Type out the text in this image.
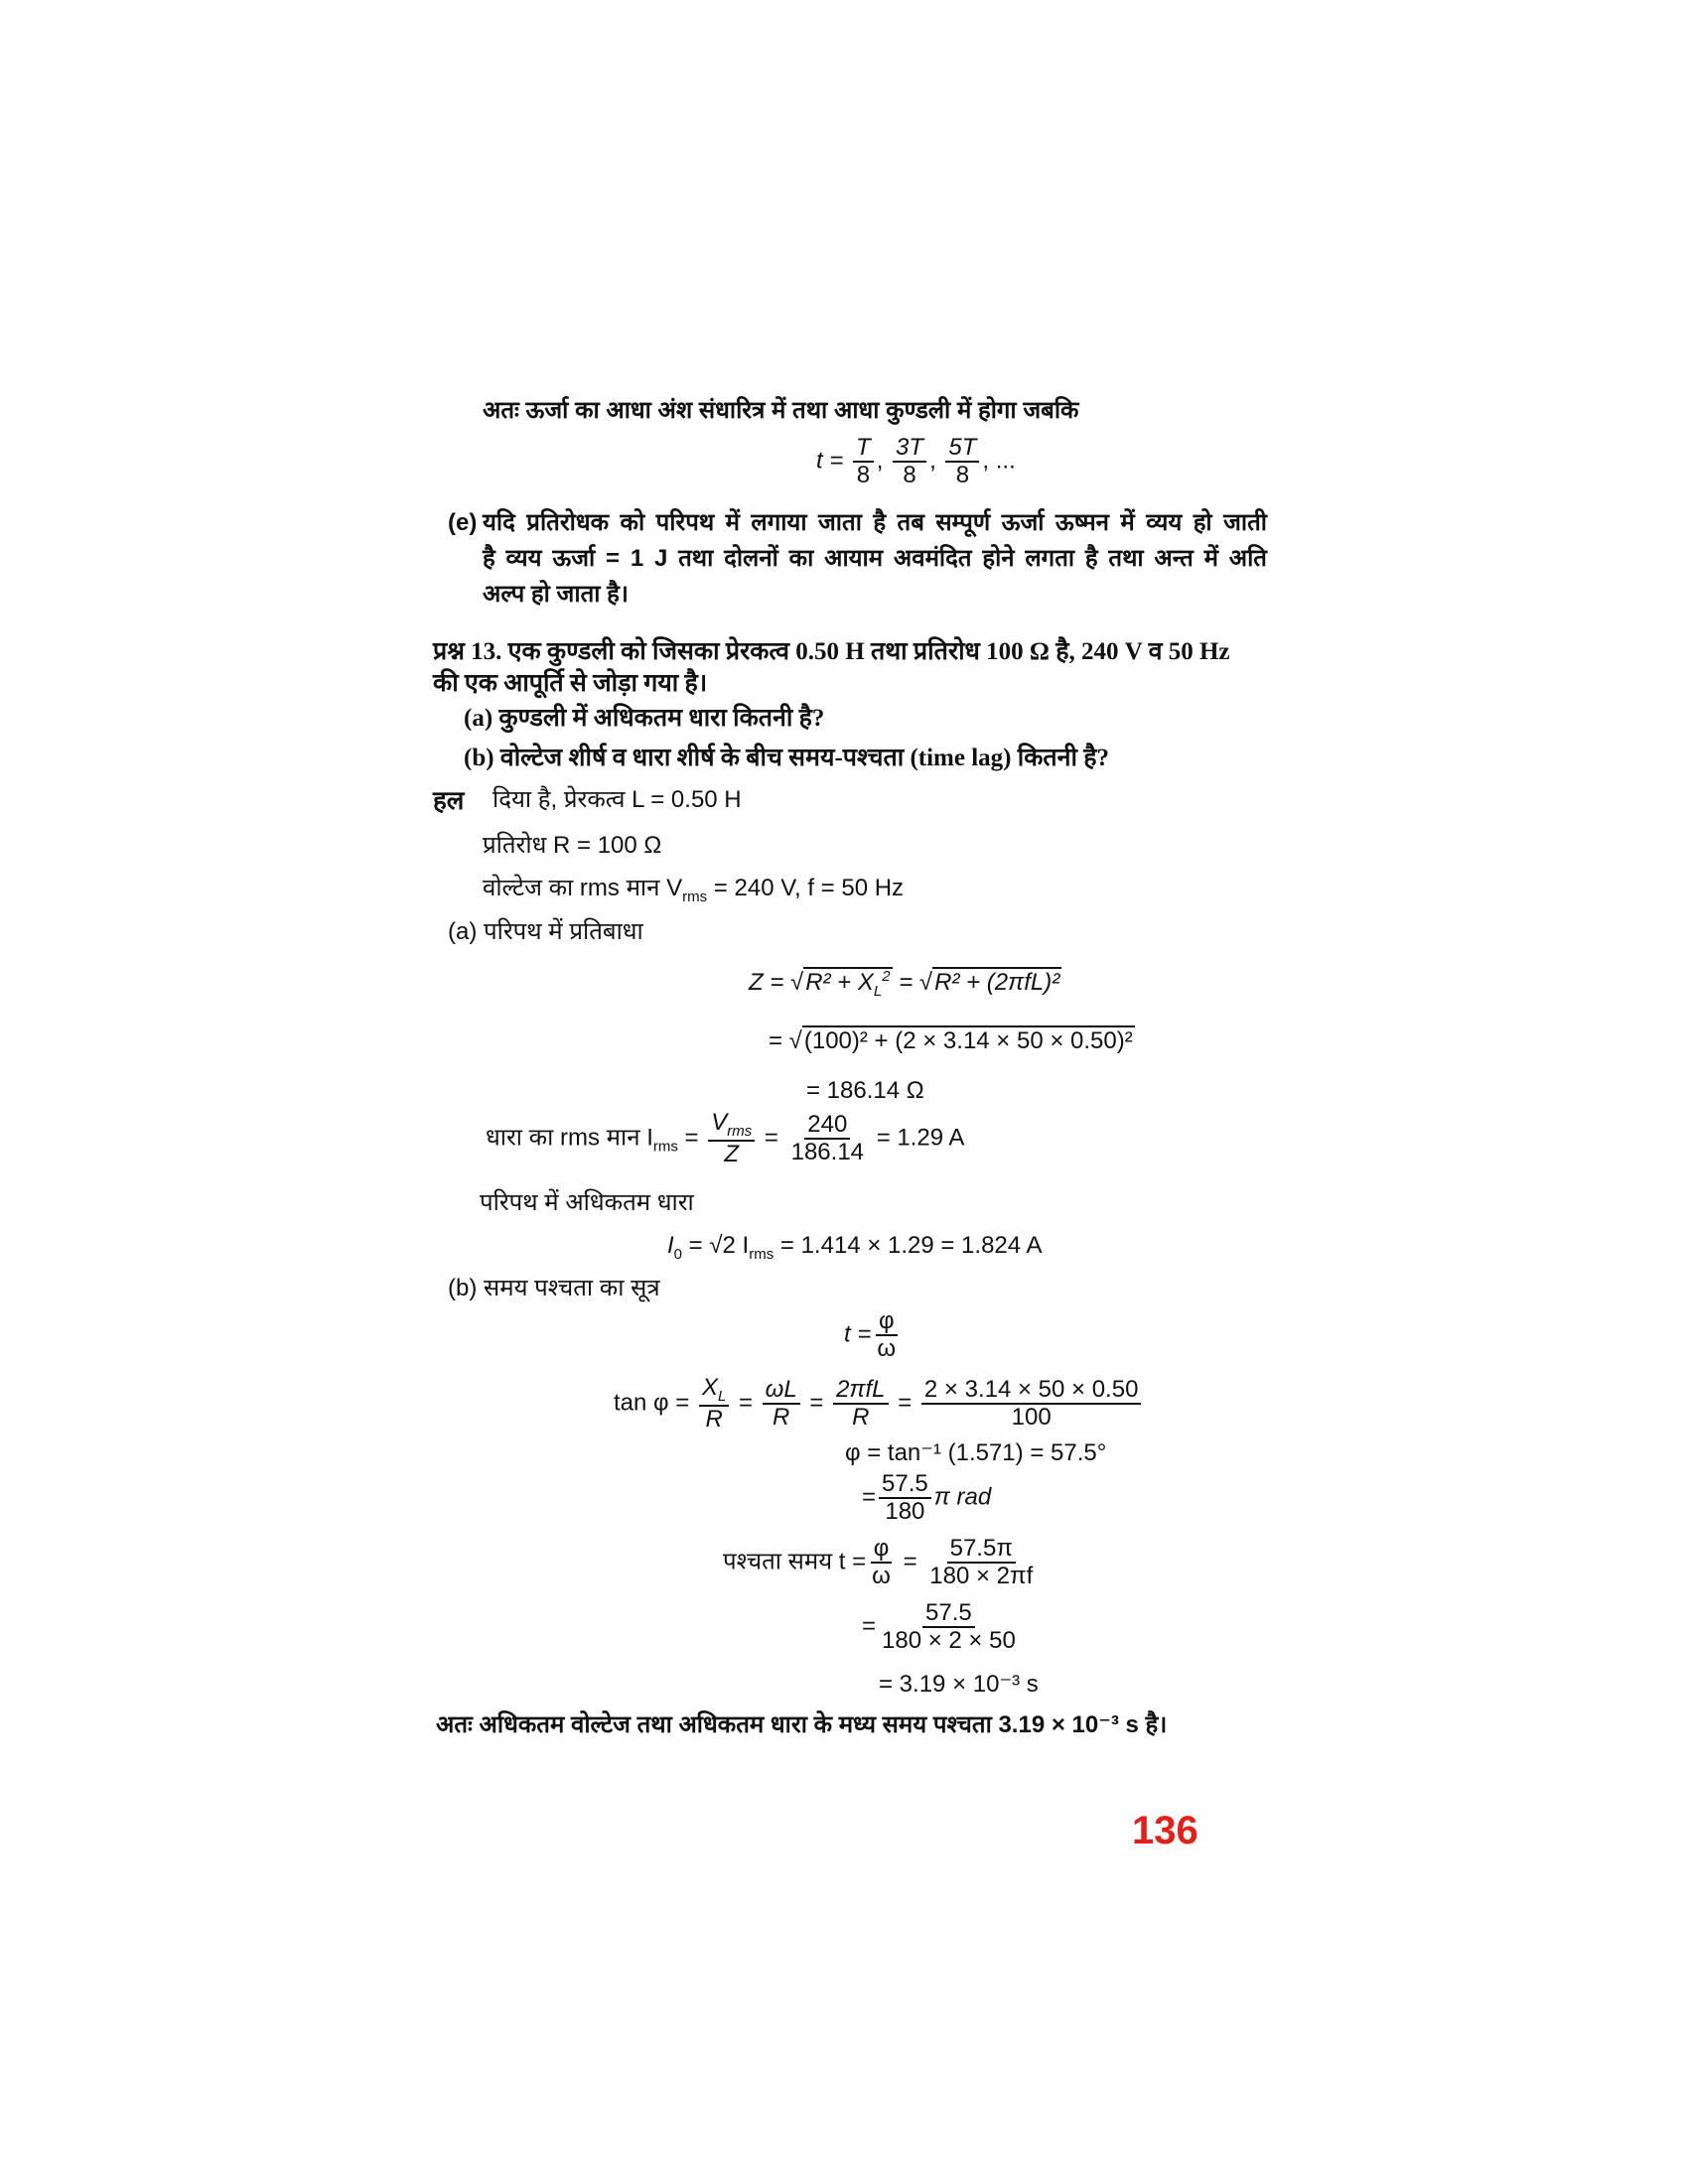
अतः ऊर्जा का आधा अंश संधारित्र में तथा आधा कुण्डली में होगा जबकि
$t = \frac{T}{8}$ , $\frac{3T}{8}$ , $\frac{5T}{8}$ , ...
(e) यदि प्रतिरोधक को परिपथ में लगाया जाता है तब सम्पूर्ण ऊर्जा ऊष्मन में व्यय हो जाती
है व्यय ऊर्जा = 1 J तथा दोलनों का आयाम अवमंदित होने लगता है तथा अन्त में अति
अल्प हो जाता है।
प्रश्न 13. एक कुण्डली को जिसका प्रेरकत्व 0.50 H तथा प्रतिरोध 100 Ω है, 240 V व 50 Hz
की एक आपूर्ति से जोड़ा गया है।
(a) कुण्डली में अधिकतम धारा कितनी है?
(b) वोल्टेज शीर्ष व धारा शीर्ष के बीच समय-पश्चता (time lag) कितनी है?
हल दिया है, प्रेरकत्व L = 0.50 H
प्रतिरोध R = 100 Ω
वोल्टेज का rms मान $V_{rms} = 240$ V, f = 50 Hz
(a) परिपथ में प्रतिबाधा
$Z = √R^2 + X_L^2 = √R^2 + (2\pi fL)^2$
= √(100)² + (2 × 3.14 × 50 × 0.50)²
= 186.14 Ω
धारा का rms मान $I_{rms}$ =
$V_{rms}$
Z
= $\frac{240}{186.14} = 1.29$ A
परिपथ में अधिकतम धारा
$I_0 = √2$ $I_{rms} = 1.414 \times 1.29 = 1.824$ A
(b) समय पश्चता का सूत्र
$t = \frac{\varphi}{\omega}$
$\tan \varphi = \frac{X_L}{R} = \frac{\omega L}{R}$ =
2πfL
R
= $\frac{2 \times 3.14 \times 50 \times 0.50}{100}$
φ = tan⁻¹ (1.571) = 57.5°
= $\frac{57.5}{180}$ π rad
पश्चता समय $t = \frac{\varphi}{\omega} = \frac{57.5\pi}{180 \times 2\pi f}$
= $\frac{57.5}{180 \times 2 \times 50}$
= 3.19 × 10⁻³ s
अतः अधिकतम वोल्टेज तथा अधिकतम धारा के मध्य समय पश्चता 3.19 × 10⁻³ s है।
136
